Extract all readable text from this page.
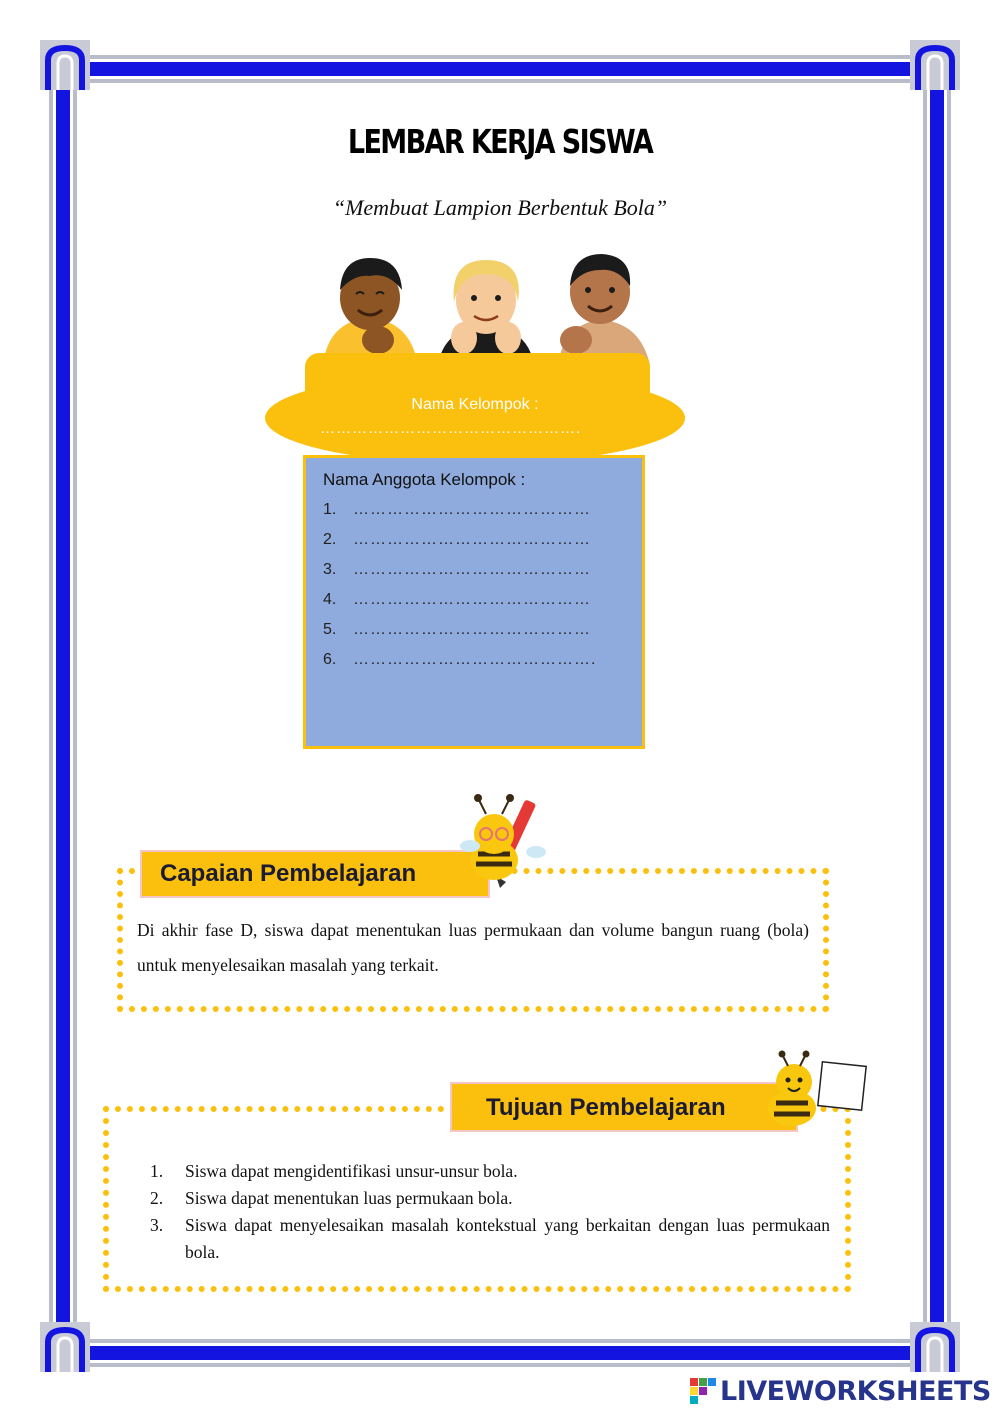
LEMBAR KERJA SISWA
“Membuat Lampion Berbentuk Bola”
Nama Kelompok :
………………………………………….
Nama Anggota Kelompok :
1. ……………………………………
2. ……………………………………
3. ……………………………………
4. ……………………………………
5. ……………………………………
6. …………………………………….
Capaian Pembelajaran
Di akhir fase D, siswa dapat menentukan luas permukaan dan volume bangun ruang (bola) untuk menyelesaikan masalah yang terkait.
Tujuan Pembelajaran
1.	Siswa dapat mengidentifikasi unsur-unsur bola.
2.	Siswa dapat menentukan luas permukaan bola.
3.	Siswa dapat menyelesaikan masalah kontekstual yang berkaitan dengan luas permukaan bola.
LIVEWORKSHEETS
